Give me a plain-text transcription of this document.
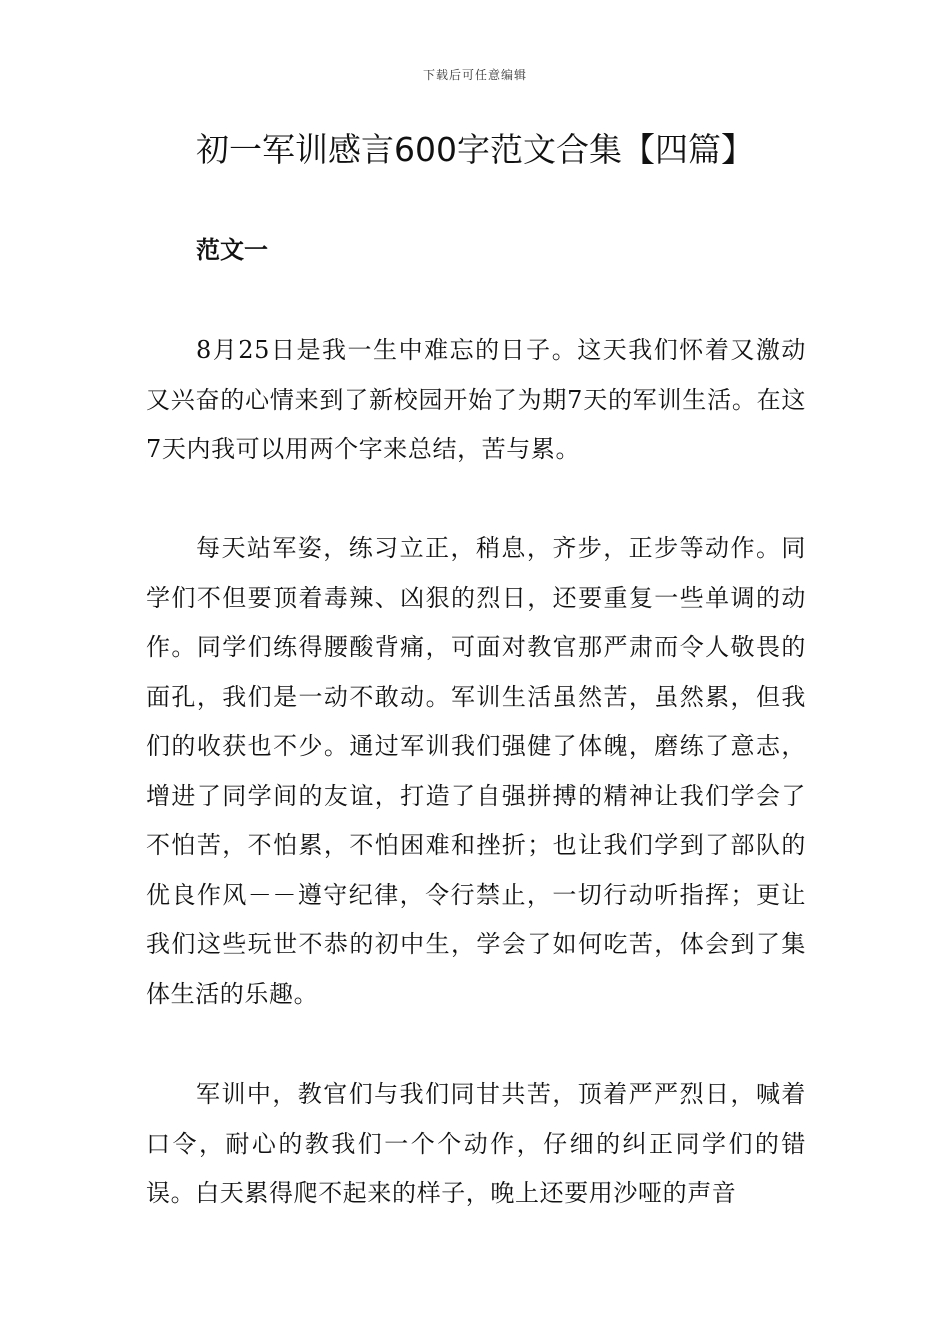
下载后可任意编辑
初一军训感言600字范文合集【四篇】
范文一

8月25日是我一生中难忘的日子。这天我们怀着又激动又兴奋的心情来到了新校园开始了为期7天的军训生活。在这7天内我可以用两个字来总结，苦与累。

每天站军姿，练习立正，稍息，齐步，正步等动作。同学们不但要顶着毒辣、凶狠的烈日，还要重复一些单调的动作。同学们练得腰酸背痛，可面对教官那严肃而令人敬畏的面孔，我们是一动不敢动。军训生活虽然苦，虽然累，但我们的收获也不少。通过军训我们强健了体魄，磨练了意志，增进了同学间的友谊，打造了自强拼搏的精神让我们学会了不怕苦，不怕累，不怕困难和挫折；也让我们学到了部队的优良作风－－遵守纪律，令行禁止，一切行动听指挥；更让我们这些玩世不恭的初中生，学会了如何吃苦，体会到了集体生活的乐趣。

军训中，教官们与我们同甘共苦，顶着严严烈日，喊着口令，耐心的教我们一个个动作，仔细的纠正同学们的错误。白天累得爬不起来的样子，晚上还要用沙哑的声音
